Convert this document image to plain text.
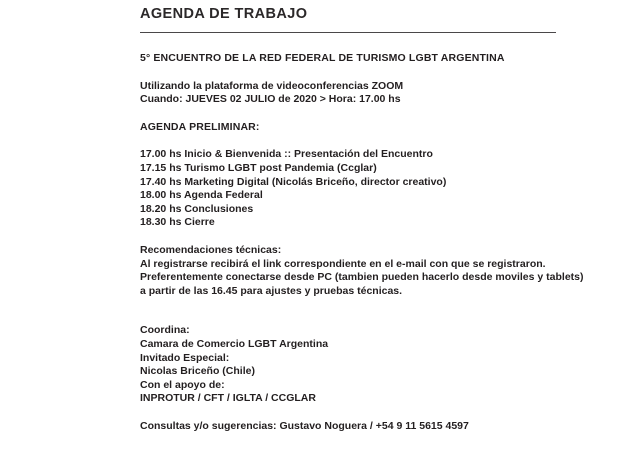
AGENDA DE TRABAJO
5° ENCUENTRO DE LA RED FEDERAL DE TURISMO LGBT ARGENTINA
Utilizando la plataforma de videoconferencias ZOOM
Cuando: JUEVES 02 JULIO de 2020 > Hora: 17.00 hs
AGENDA PRELIMINAR:
17.00 hs Inicio & Bienvenida :: Presentación del Encuentro
17.15 hs Turismo LGBT post Pandemia (Ccglar)
17.40 hs Marketing Digital (Nicolás Briceño, director creativo)
18.00 hs Agenda Federal
18.20 hs Conclusiones
18.30 hs Cierre
Recomendaciones técnicas:
Al registrarse recibirá el link correspondiente en el e-mail con que se registraron.
Preferentemente conectarse desde PC (tambien pueden hacerlo desde moviles y tablets)
a partir de las 16.45 para ajustes y pruebas técnicas.
Coordina:
Camara de Comercio LGBT Argentina
Invitado Especial:
Nicolas Briceño (Chile)
Con el apoyo de:
INPROTUR / CFT / IGLTA / CCGLAR
Consultas y/o sugerencias: Gustavo Noguera / +54 9 11 5615 4597
